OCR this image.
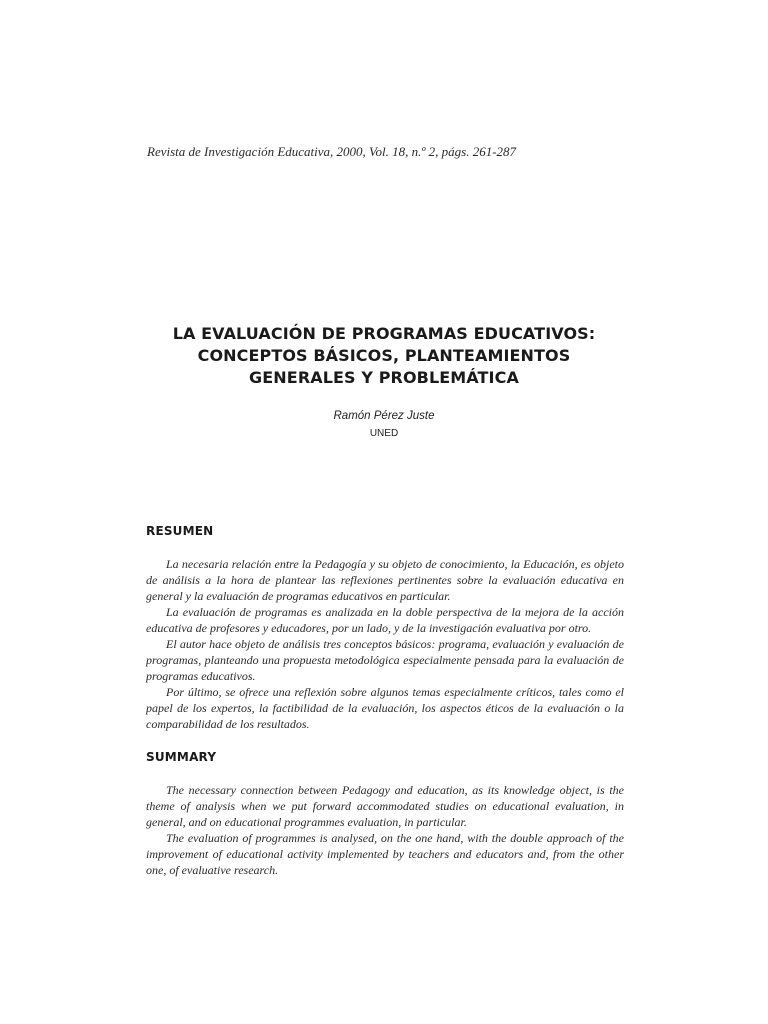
Revista de Investigación Educativa, 2000, Vol. 18, n.º 2, págs. 261-287
LA EVALUACIÓN DE PROGRAMAS EDUCATIVOS:
CONCEPTOS BÁSICOS, PLANTEAMIENTOS
GENERALES Y PROBLEMÁTICA
Ramón Pérez Juste
UNED
RESUMEN

La necesaria relación entre la Pedagogía y su objeto de conocimiento, la Educación, es objeto de análisis a la hora de plantear las reflexiones pertinentes sobre la evaluación educativa en general y la evaluación de programas educativos en particular.

La evaluación de programas es analizada en la doble perspectiva de la mejora de la acción educativa de profesores y educadores, por un lado, y de la investigación evaluativa por otro.

El autor hace objeto de análisis tres conceptos básicos: programa, evaluación y evaluación de programas, planteando una propuesta metodológica especialmente pensada para la evaluación de programas educativos.

Por último, se ofrece una reflexión sobre algunos temas especialmente críticos, tales como el papel de los expertos, la factibilidad de la evaluación, los aspectos éticos de la evaluación o la comparabilidad de los resultados.

SUMMARY

The necessary connection between Pedagogy and education, as its knowledge object, is the theme of analysis when we put forward accommodated studies on educational evaluation, in general, and on educational programmes evaluation, in particular.

The evaluation of programmes is analysed, on the one hand, with the double approach of the improvement of educational activity implemented by teachers and educators and, from the other one, of evaluative research.
